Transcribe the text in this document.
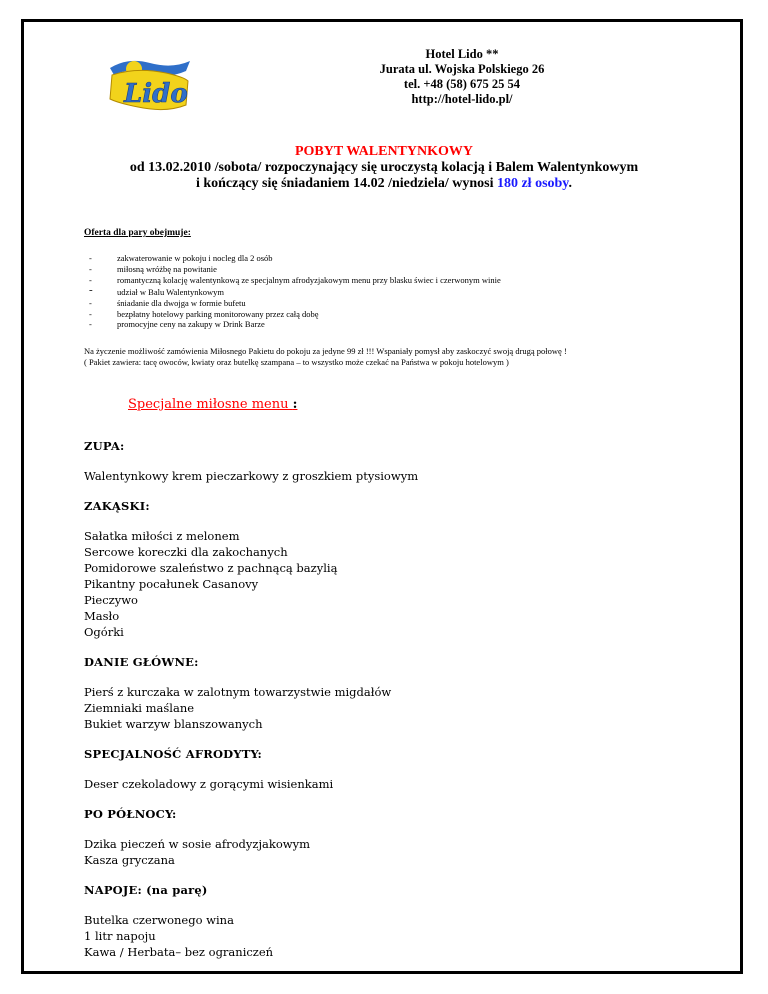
Lido
Hotel Lido **
Jurata ul. Wojska Polskiego 26
tel. +48 (58) 675 25 54
http://hotel-lido.pl/
POBYT WALENTYNKOWY
od 13.02.2010 /sobota/ rozpoczynający się uroczystą kolacją i Balem Walentynkowym
i kończący się śniadaniem 14.02 /niedziela/ wynosi 180 zł osoby.
Oferta dla pary obejmuje:
-	zakwaterowanie w pokoju i nocleg dla 2 osób
-	miłosną wróżbę na powitanie
-	romantyczną kolację walentynkową ze specjalnym afrodyzjakowym menu przy blasku świec i czerwonym winie
-	udział w Balu Walentynkowym
-	śniadanie dla dwojga w formie bufetu
-	bezpłatny hotelowy parking monitorowany przez całą dobę
-	promocyjne ceny na zakupy w Drink Barze
Na życzenie możliwość zamówienia Miłosnego Pakietu do pokoju za jedyne 99 zł !!! Wspaniały pomysł aby zaskoczyć swoją drugą połowę !
( Pakiet zawiera: tacę owoców, kwiaty oraz butelkę szampana – to wszystko może czekać na Państwa w pokoju hotelowym )
Specjalne miłosne menu :
ZUPA:
Walentynkowy krem pieczarkowy z groszkiem ptysiowym
ZAKĄSKI:
Sałatka miłości z melonem
Sercowe koreczki dla zakochanych
Pomidorowe szaleństwo z pachnącą bazylią
Pikantny pocałunek Casanovy
Pieczywo
Masło
Ogórki
DANIE GŁÓWNE:
Pierś z kurczaka w zalotnym towarzystwie migdałów
Ziemniaki maślane
Bukiet warzyw blanszowanych
SPECJALNOŚĆ AFRODYTY:
Deser czekoladowy z gorącymi wisienkami
PO PÓŁNOCY:
Dzika pieczeń w sosie afrodyzjakowym
Kasza gryczana
NAPOJE: (na parę)
Butelka czerwonego wina
1 litr napoju
Kawa / Herbata– bez ograniczeń
